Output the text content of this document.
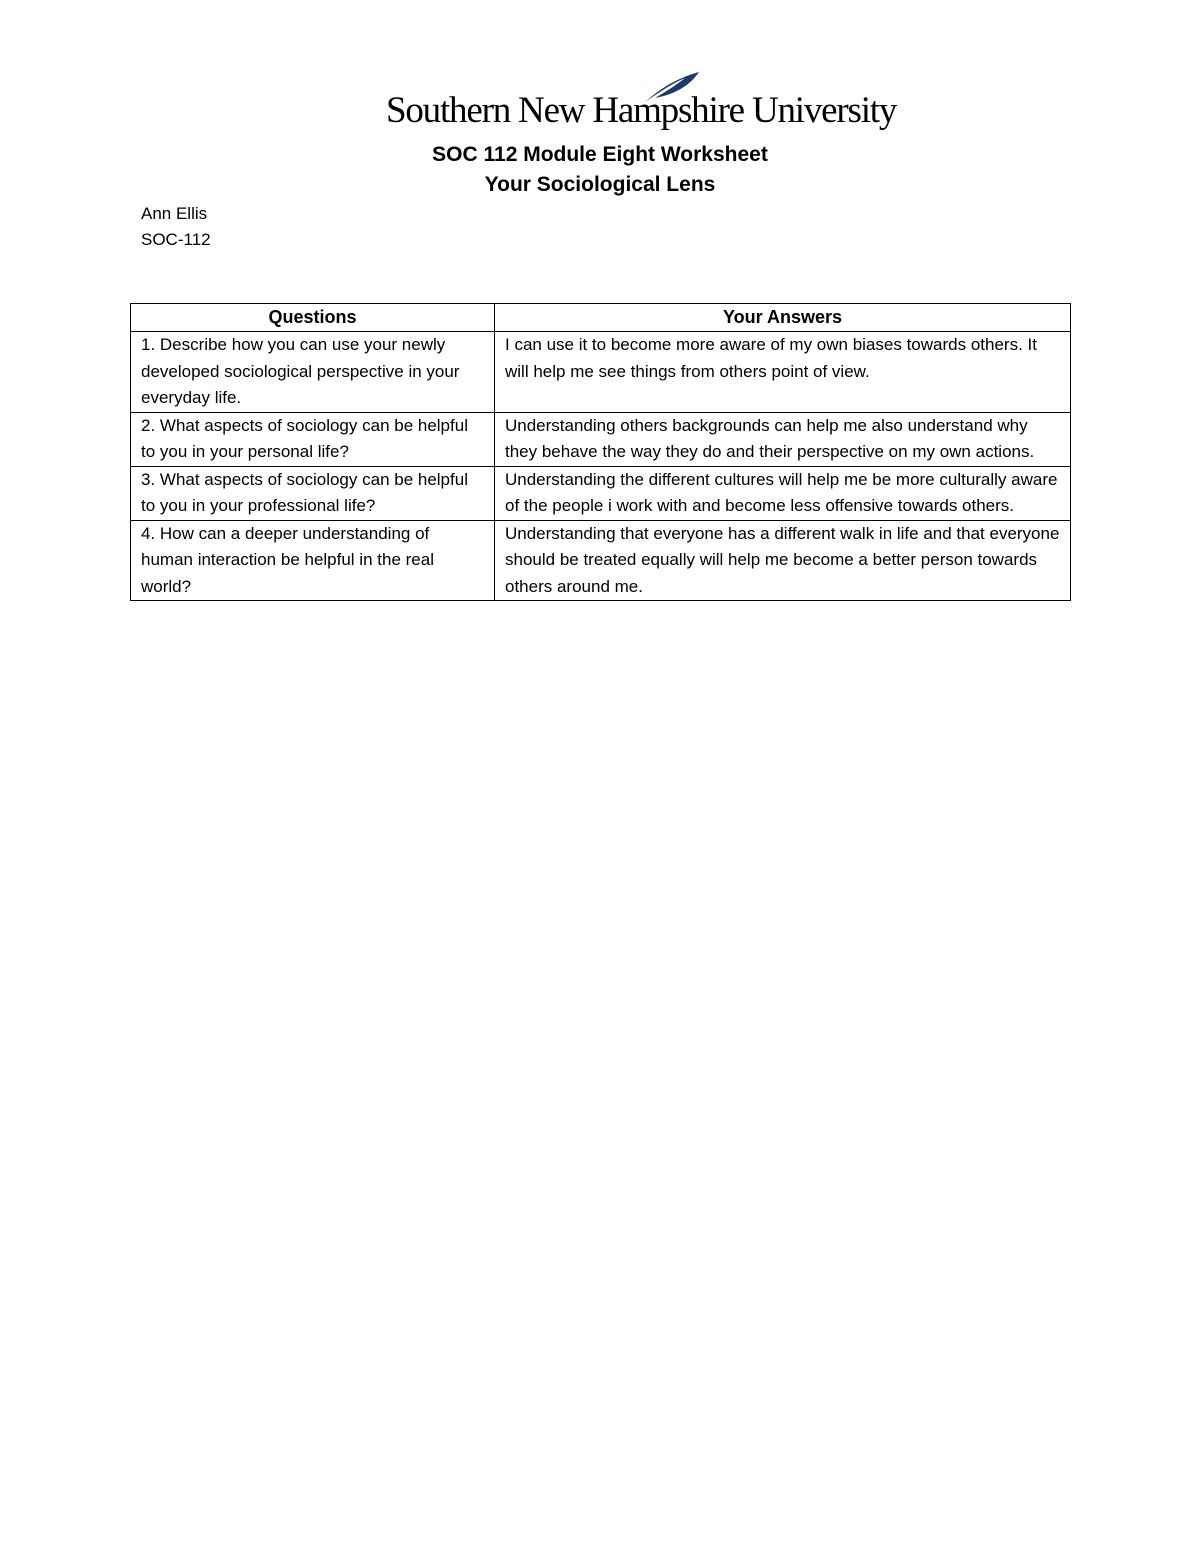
Southern New Hampshire University
SOC 112 Module Eight Worksheet
Your Sociological Lens
Ann Ellis
SOC-112
Questions	Your Answers
1. Describe how you can use your newly developed sociological perspective in your everyday life.	I can use it to become more aware of my own biases towards others. It will help me see things from others point of view.
2. What aspects of sociology can be helpful to you in your personal life?	Understanding others backgrounds can help me also understand why they behave the way they do and their perspective on my own actions.
3. What aspects of sociology can be helpful to you in your professional life?	Understanding the different cultures will help me be more culturally aware of the people i work with and become less offensive towards others.
4. How can a deeper understanding of human interaction be helpful in the real world?	Understanding that everyone has a different walk in life and that everyone should be treated equally will help me become a better person towards others around me.
